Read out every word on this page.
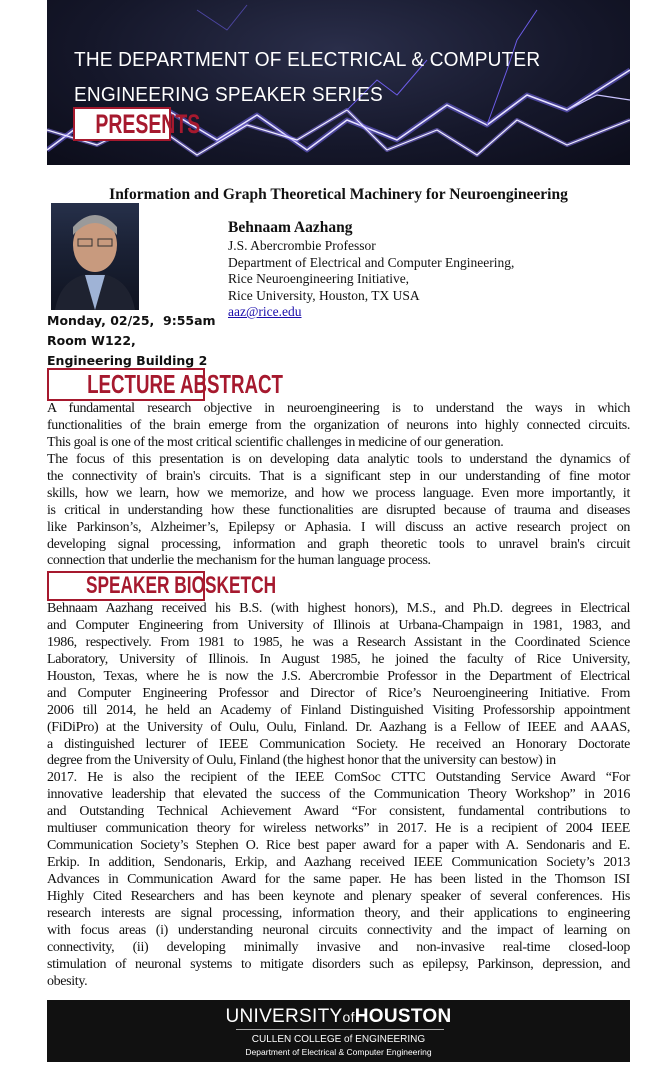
THE DEPARTMENT OF ELECTRICAL & COMPUTER
ENGINEERING SPEAKER SERIES
PRESENTS
Information and Graph Theoretical Machinery for Neuroengineering
Behnaam Aazhang
J.S. Abercrombie Professor
Department of Electrical and Computer Engineering,
Rice Neuroengineering Initiative,
Rice University, Houston, TX USA
aaz@rice.edu
Monday, 02/25,  9:55am
Room W122,
Engineering Building 2
LECTURE ABSTRACT
A fundamental research objective in neuroengineering is to understand the ways in which
functionalities of the brain emerge from the organization of neurons into highly connected circuits.
This goal is one of the most critical scientific challenges in medicine of our generation.
The focus of this presentation is on developing data analytic tools to understand the dynamics of
the connectivity of brain's circuits. That is a significant step in our understanding of fine motor
skills, how we learn, how we memorize, and how we process language. Even more importantly, it
is critical in understanding how these functionalities are disrupted because of trauma and diseases
like Parkinson’s, Alzheimer’s, Epilepsy or Aphasia. I will discuss an active research project on
developing signal processing, information and graph theoretic tools to unravel brain's circuit
connection that underlie the mechanism for the human language process.
SPEAKER BIOSKETCH
Behnaam Aazhang received his B.S. (with highest honors), M.S., and Ph.D. degrees in Electrical
and Computer Engineering from University of Illinois at Urbana-Champaign in 1981, 1983, and
1986, respectively. From 1981 to 1985, he was a Research Assistant in the Coordinated Science
Laboratory, University of Illinois. In August 1985, he joined the faculty of Rice University,
Houston, Texas, where he is now the J.S. Abercrombie Professor in the Department of Electrical
and Computer Engineering Professor and Director of Rice’s Neuroengineering Initiative. From
2006 till 2014, he held an Academy of Finland Distinguished Visiting Professorship appointment
(FiDiPro) at the University of Oulu, Oulu, Finland. Dr. Aazhang is a Fellow of IEEE and AAAS,
a distinguished lecturer of IEEE Communication Society. He received an Honorary Doctorate
degree from the University of Oulu, Finland (the highest honor that the university can bestow) in
2017. He is also the recipient of the IEEE ComSoc CTTC Outstanding Service Award “For
innovative leadership that elevated the success of the Communication Theory Workshop” in 2016
and Outstanding Technical Achievement Award “For consistent, fundamental contributions to
multiuser communication theory for wireless networks” in 2017. He is a recipient of 2004 IEEE
Communication Society’s Stephen O. Rice best paper award for a paper with A. Sendonaris and E.
Erkip. In addition, Sendonaris, Erkip, and Aazhang received IEEE Communication Society’s 2013
Advances in Communication Award for the same paper. He has been listed in the Thomson ISI
Highly Cited Researchers and has been keynote and plenary speaker of several conferences. His
research interests are signal processing, information theory, and their applications to engineering
with focus areas (i) understanding neuronal circuits connectivity and the impact of learning on
connectivity, (ii) developing minimally invasive and non-invasive real-time closed-loop
stimulation of neuronal systems to mitigate disorders such as epilepsy, Parkinson, depression, and
obesity.
UNIVERSITYofHOUSTON
CULLEN COLLEGE of ENGINEERING
Department of Electrical & Computer Engineering
